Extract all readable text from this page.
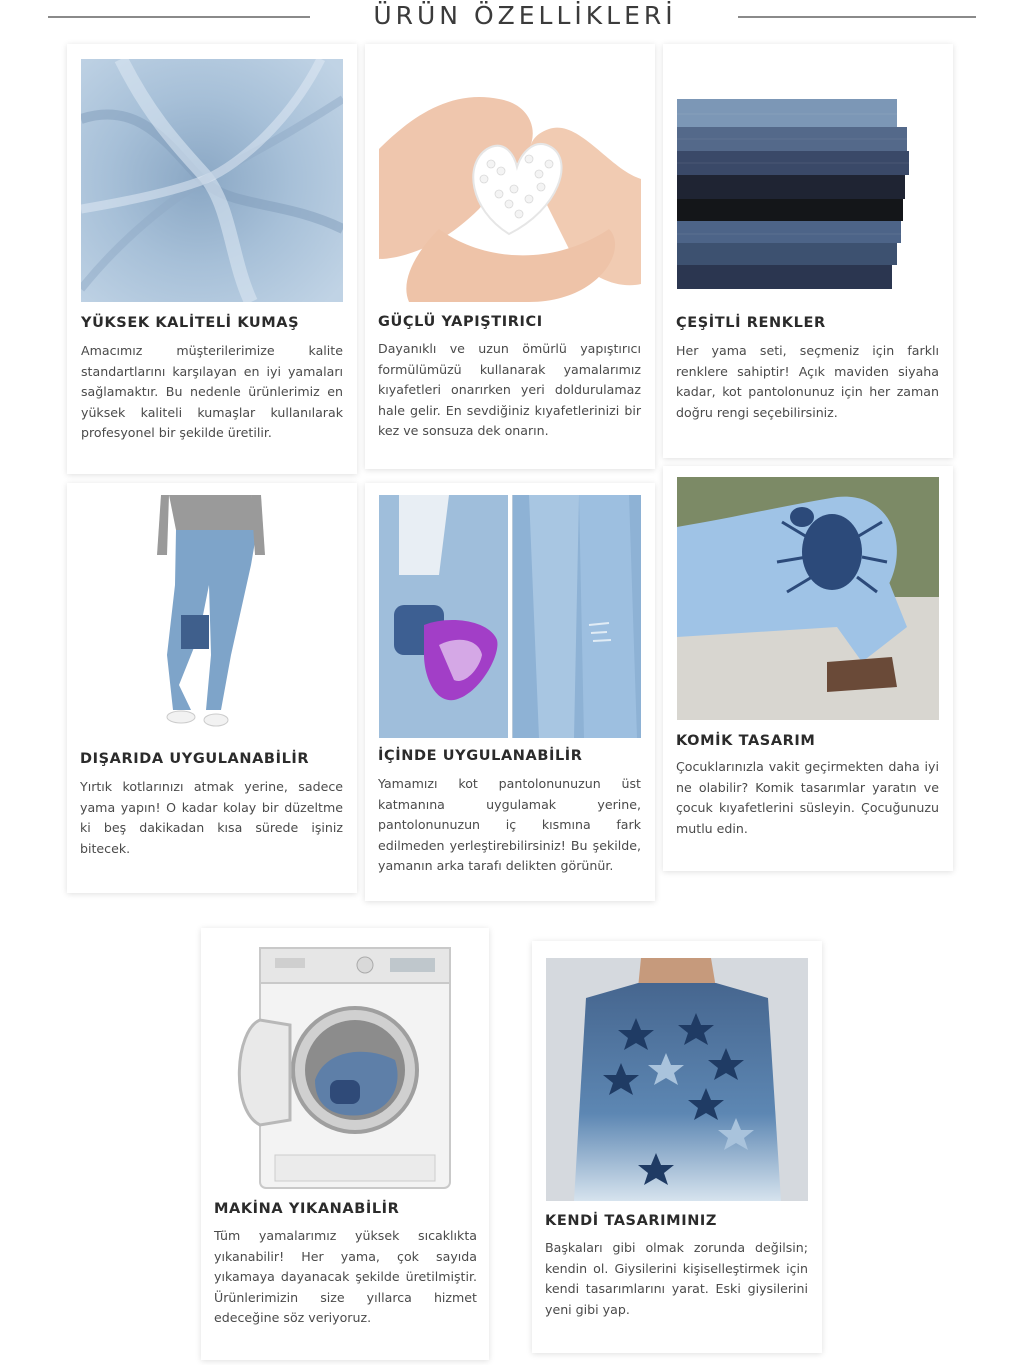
ÜRÜN ÖZELLİKLERİ
YÜKSEK KALİTELİ KUMAŞ
Amacımız müşterilerimize kalite standartlarını karşılayan en iyi yamaları sağlamaktır. Bu nedenle ürünlerimiz en yüksek kaliteli kumaşlar kullanılarak profesyonel bir şekilde üretilir.
GÜÇLÜ YAPIŞTIRICI
Dayanıklı ve uzun ömürlü yapıştırıcı formülümüzü kullanarak yamalarımız kıyafetleri onarırken yeri doldurulamaz hale gelir. En sevdiğiniz kıyafetlerinizi bir kez ve sonsuza dek onarın.
ÇEŞİTLİ RENKLER
Her yama seti, seçmeniz için farklı renklere sahiptir! Açık maviden siyaha kadar, kot pantolonunuz için her zaman doğru rengi seçebilirsiniz.
DIŞARIDA UYGULANABİLİR
Yırtık kotlarınızı atmak yerine, sadece yama yapın! O kadar kolay bir düzeltme ki beş dakikadan kısa sürede işiniz bitecek.
İÇİNDE UYGULANABİLİR
Yamamızı kot pantolonunuzun üst katmanına uygulamak yerine, pantolonunuzun iç kısmına fark edilmeden yerleştirebilirsiniz! Bu şekilde, yamanın arka tarafı delikten görünür.
KOMİK TASARIM
Çocuklarınızla vakit geçirmekten daha iyi ne olabilir? Komik tasarımlar yaratın ve çocuk kıyafetlerini süsleyin. Çocuğunuzu mutlu edin.
MAKİNA YIKANABİLİR
Tüm yamalarımız yüksek sıcaklıkta yıkanabilir! Her yama, çok sayıda yıkamaya dayanacak şekilde üretilmiştir. Ürünlerimizin size yıllarca hizmet edeceğine söz veriyoruz.
KENDİ TASARIMINIZ
Başkaları gibi olmak zorunda değilsin; kendin ol. Giysilerini kişiselleştirmek için kendi tasarımlarını yarat. Eski giysilerini yeni gibi yap.
